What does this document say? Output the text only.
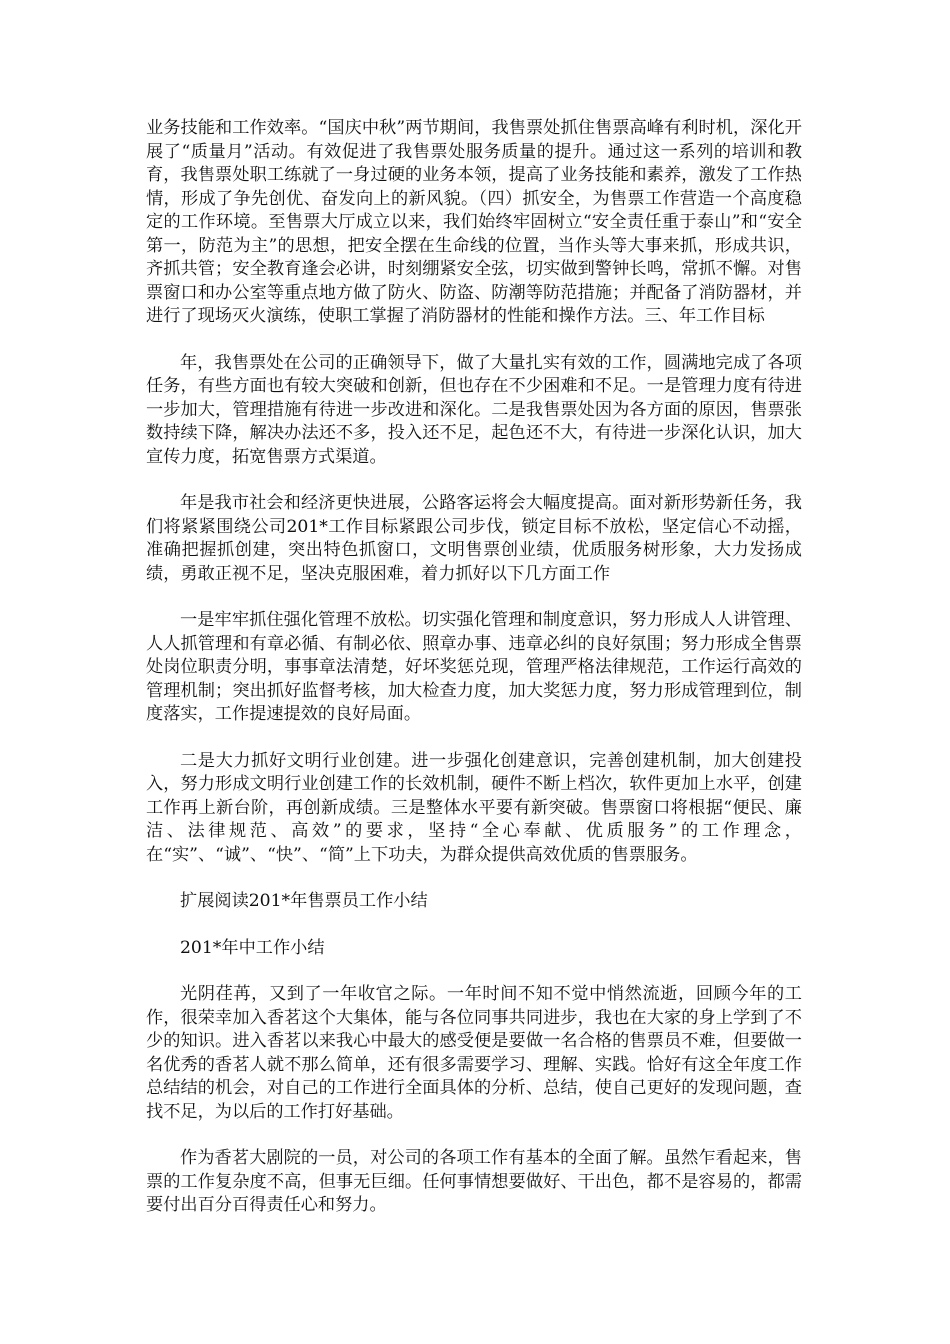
业务技能和工作效率。“国庆中秋”两节期间，我售票处抓住售票高峰有利时机，深化开展了“质量月”活动。有效促进了我售票处服务质量的提升。通过这一系列的培训和教育，我售票处职工练就了一身过硬的业务本领，提高了业务技能和素养，激发了工作热情，形成了争先创优、奋发向上的新风貌。（四）抓安全，为售票工作营造一个高度稳定的工作环境。至售票大厅成立以来，我们始终牢固树立“安全责任重于泰山”和“安全第一，防范为主”的思想，把安全摆在生命线的位置，当作头等大事来抓，形成共识，齐抓共管；安全教育逢会必讲，时刻绷紧安全弦，切实做到警钟长鸣，常抓不懈。对售票窗口和办公室等重点地方做了防火、防盗、防潮等防范措施；并配备了消防器材，并进行了现场灭火演练，使职工掌握了消防器材的性能和操作方法。三、年工作目标

年，我售票处在公司的正确领导下，做了大量扎实有效的工作，圆满地完成了各项任务，有些方面也有较大突破和创新，但也存在不少困难和不足。一是管理力度有待进一步加大，管理措施有待进一步改进和深化。二是我售票处因为各方面的原因，售票张数持续下降，解决办法还不多，投入还不足，起色还不大，有待进一步深化认识，加大宣传力度，拓宽售票方式渠道。

年是我市社会和经济更快进展，公路客运将会大幅度提高。面对新形势新任务，我们将紧紧围绕公司201*工作目标紧跟公司步伐，锁定目标不放松，坚定信心不动摇，准确把握抓创建，突出特色抓窗口，文明售票创业绩，优质服务树形象，大力发扬成绩，勇敢正视不足，坚决克服困难，着力抓好以下几方面工作

一是牢牢抓住强化管理不放松。切实强化管理和制度意识，努力形成人人讲管理、人人抓管理和有章必循、有制必依、照章办事、违章必纠的良好氛围；努力形成全售票处岗位职责分明，事事章法清楚，好坏奖惩兑现，管理严格法律规范，工作运行高效的管理机制；突出抓好监督考核，加大检查力度，加大奖惩力度，努力形成管理到位，制度落实，工作提速提效的良好局面。

二是大力抓好文明行业创建。进一步强化创建意识，完善创建机制，加大创建投入，努力形成文明行业创建工作的长效机制，硬件不断上档次，软件更加上水平，创建工作再上新台阶，再创新成绩。三是整体水平要有新突破。售票窗口将根据“便民、廉洁、法律规范、高效”的要求，坚持“全心奉献、优质服务”的工作理念，在“实”、“诚”、“快”、“简”上下功夫，为群众提供高效优质的售票服务。

扩展阅读201*年售票员工作小结

201*年中工作小结

光阴荏苒，又到了一年收官之际。一年时间不知不觉中悄然流逝，回顾今年的工作，很荣幸加入香茗这个大集体，能与各位同事共同进步，我也在大家的身上学到了不少的知识。进入香茗以来我心中最大的感受便是要做一名合格的售票员不难，但要做一名优秀的香茗人就不那么简单，还有很多需要学习、理解、实践。恰好有这全年度工作总结结的机会，对自己的工作进行全面具体的分析、总结，使自己更好的发现问题，查找不足，为以后的工作打好基础。

作为香茗大剧院的一员，对公司的各项工作有基本的全面了解。虽然乍看起来，售票的工作复杂度不高，但事无巨细。任何事情想要做好、干出色，都不是容易的，都需要付出百分百得责任心和努力。
